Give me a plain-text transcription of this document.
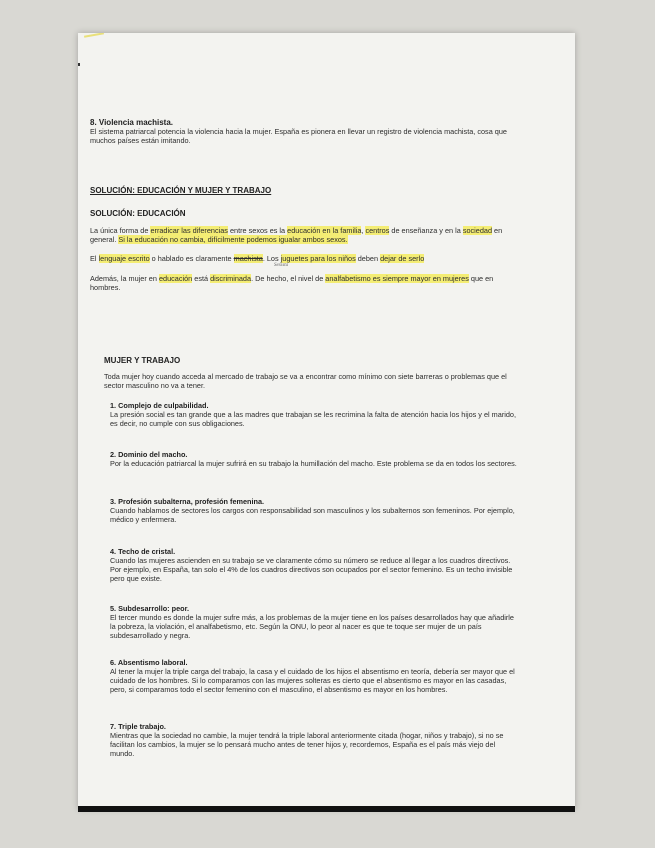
8. Violencia machista.

El sistema patriarcal potencia la violencia hacia la mujer. España es pionera en llevar un registro de violencia machista, cosa que muchos países están imitando.

SOLUCIÓN: EDUCACIÓN Y MUJER Y TRABAJO
SOLUCIÓN: EDUCACIÓN

La única forma de erradicar las diferencias entre sexos es la educación en la familia, centros de enseñanza y en la sociedad en general. Si la educación no cambia, difícilmente podemos igualar ambos sexos.

El lenguaje escrito o hablado es claramente machista. Los juguetes para los niños deben dejar de serlo
Sexista

Además, la mujer en educación está discriminada. De hecho, el nivel de analfabetismo es siempre mayor en mujeres que en hombres.

MUJER Y TRABAJO

Toda mujer hoy cuando acceda al mercado de trabajo se va a encontrar como mínimo con siete barreras o problemas que el sector masculino no va a tener.

1. Complejo de culpabilidad.

La presión social es tan grande que a las madres que trabajan se les recrimina la falta de atención hacia los hijos y el marido, es decir, no cumple con sus obligaciones.

2. Dominio del macho.

Por la educación patriarcal la mujer sufrirá en su trabajo la humillación del macho. Este problema se da en todos los sectores.

3. Profesión subalterna, profesión femenina.

Cuando hablamos de sectores los cargos con responsabilidad son masculinos y los subalternos son femeninos. Por ejemplo, médico y enfermera.

4. Techo de cristal.

Cuando las mujeres ascienden en su trabajo se ve claramente cómo su número se reduce al llegar a los cuadros directivos. Por ejemplo, en España, tan solo el 4% de los cuadros directivos son ocupados por el sector femenino. Es un techo invisible pero que existe.

5. Subdesarrollo: peor.

El tercer mundo es donde la mujer sufre más, a los problemas de la mujer tiene en los países desarrollados hay que añadirle la pobreza, la violación, el analfabetismo, etc. Según la ONU, lo peor al nacer es que te toque ser mujer de un país subdesarrollado y negra.

6. Absentismo laboral.

Al tener la mujer la triple carga del trabajo, la casa y el cuidado de los hijos el absentismo en teoría, debería ser mayor que el cuidado de los hombres. Si lo comparamos con las mujeres solteras es cierto que el absentismo es mayor en las casadas, pero, si comparamos todo el sector femenino con el masculino, el absentismo es mayor en los hombres.

7. Triple trabajo.

Mientras que la sociedad no cambie, la mujer tendrá la triple laboral anteriormente citada (hogar, niños y trabajo), si no se facilitan los cambios, la mujer se lo pensará mucho antes de tener hijos y, recordemos, España es el país más viejo del mundo.
